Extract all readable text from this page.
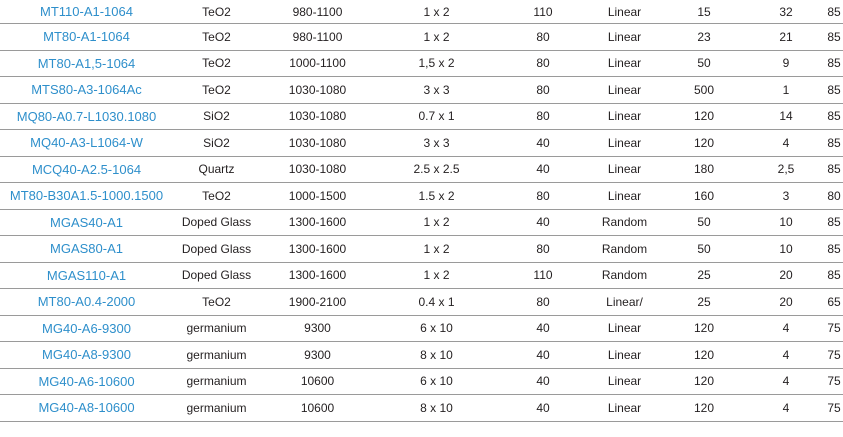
MT110-A1-1064	TeO2	980-1100	1 x 2	110	Linear	15	32	85
MT80-A1-1064	TeO2	980-1100	1 x 2	80	Linear	23	21	85
MT80-A1,5-1064	TeO2	1000-1100	1,5 x 2	80	Linear	50	9	85
MTS80-A3-1064Ac	TeO2	1030-1080	3 x 3	80	Linear	500	1	85
MQ80-A0.7-L1030.1080	SiO2	1030-1080	0.7 x 1	80	Linear	120	14	85
MQ40-A3-L1064-W	SiO2	1030-1080	3 x 3	40	Linear	120	4	85
MCQ40-A2.5-1064	Quartz	1030-1080	2.5 x 2.5	40	Linear	180	2,5	85
MT80-B30A1.5-1000.1500	TeO2	1000-1500	1.5 x 2	80	Linear	160	3	80
MGAS40-A1	Doped Glass	1300-1600	1 x 2	40	Random	50	10	85
MGAS80-A1	Doped Glass	1300-1600	1 x 2	80	Random	50	10	85
MGAS110-A1	Doped Glass	1300-1600	1 x 2	110	Random	25	20	85
MT80-A0.4-2000	TeO2	1900-2100	0.4 x 1	80	Linear/	25	20	65
MG40-A6-9300	germanium	9300	6 x 10	40	Linear	120	4	75
MG40-A8-9300	germanium	9300	8 x 10	40	Linear	120	4	75
MG40-A6-10600	germanium	10600	6 x 10	40	Linear	120	4	75
MG40-A8-10600	germanium	10600	8 x 10	40	Linear	120	4	75
